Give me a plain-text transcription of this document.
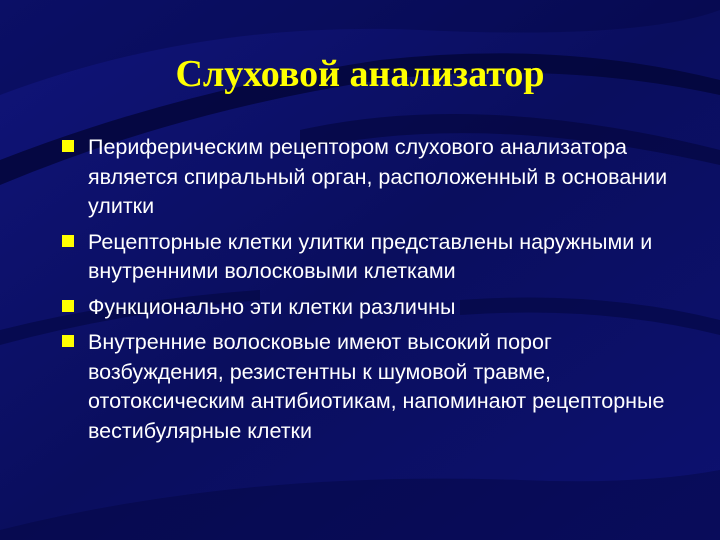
Слуховой анализатор
Периферическим рецептором слухового анализатора является спиральный орган, расположенный в основании улитки
Рецепторные клетки улитки представлены наружными и внутренними волосковыми клетками
Функционально эти клетки различны
Внутренние волосковые имеют высокий порог возбуждения, резистентны к шумовой травме, ототоксическим антибиотикам, напоминают рецепторные вестибулярные клетки
